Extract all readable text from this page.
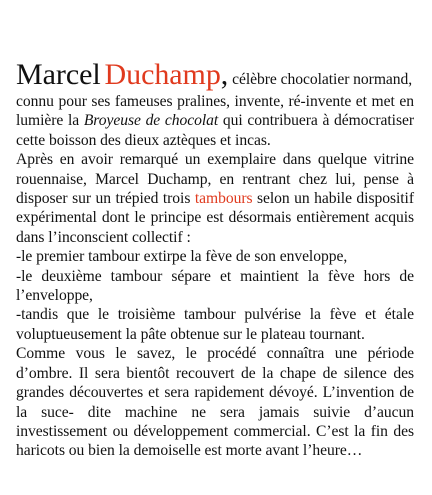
Marcel Duchamp, célèbre chocolatier normand,
connu pour ses fameuses pralines, invente, ré-invente et met en lumière la Broyeuse de chocolat qui contribuera à démocratiser cette boisson des dieux aztèques et incas.

Après en avoir remarqué un exemplaire dans quelque vitrine rouennaise, Marcel Duchamp, en rentrant chez lui, pense à disposer sur un trépied trois tambours selon un habile dispositif expérimental dont le principe est désormais entièrement acquis dans l’inconscient collectif :

-le premier tambour extirpe la fève de son enveloppe,

-le deuxième tambour sépare et maintient la fève hors de l’enveloppe,

-tandis que le troisième tambour pulvérise la fève et étale voluptueusement la pâte obtenue sur le plateau tournant.

Comme vous le savez, le procédé connaîtra une période d’ombre. Il sera bientôt recouvert de la chape de silence des grandes découvertes et sera rapidement dévoyé. L’invention de la suce- dite machine ne sera jamais suivie d’aucun investissement ou développement commercial. C’est la fin des haricots ou bien la demoiselle est morte avant l’heure…
